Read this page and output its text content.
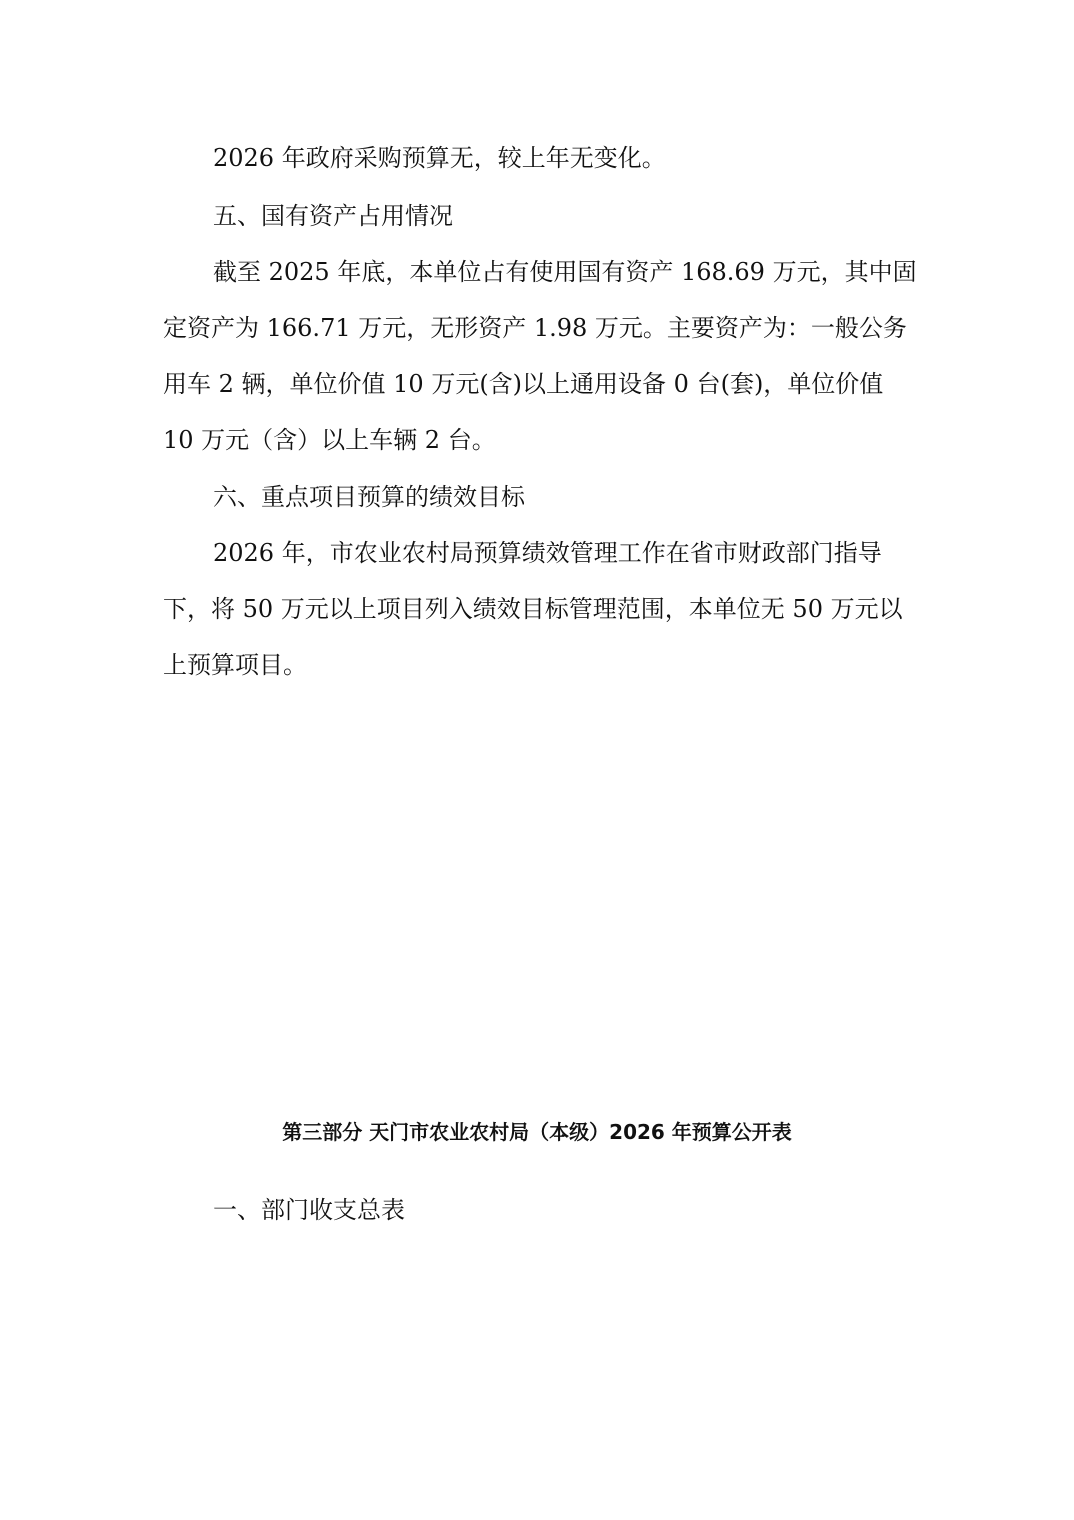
2026 年政府采购预算无，较上年无变化。
五、国有资产占用情况
截至 2025 年底，本单位占有使用国有资产 168.69 万元，其中固
定资产为 166.71 万元，无形资产 1.98 万元。主要资产为：一般公务
用车 2 辆，单位价值 10 万元(含)以上通用设备 0 台(套)，单位价值
10 万元（含）以上车辆 2 台。
六、重点项目预算的绩效目标
2026 年，市农业农村局预算绩效管理工作在省市财政部门指导
下，将 50 万元以上项目列入绩效目标管理范围，本单位无 50 万元以
上预算项目。
第三部分 天门市农业农村局（本级）2026 年预算公开表
一、部门收支总表
